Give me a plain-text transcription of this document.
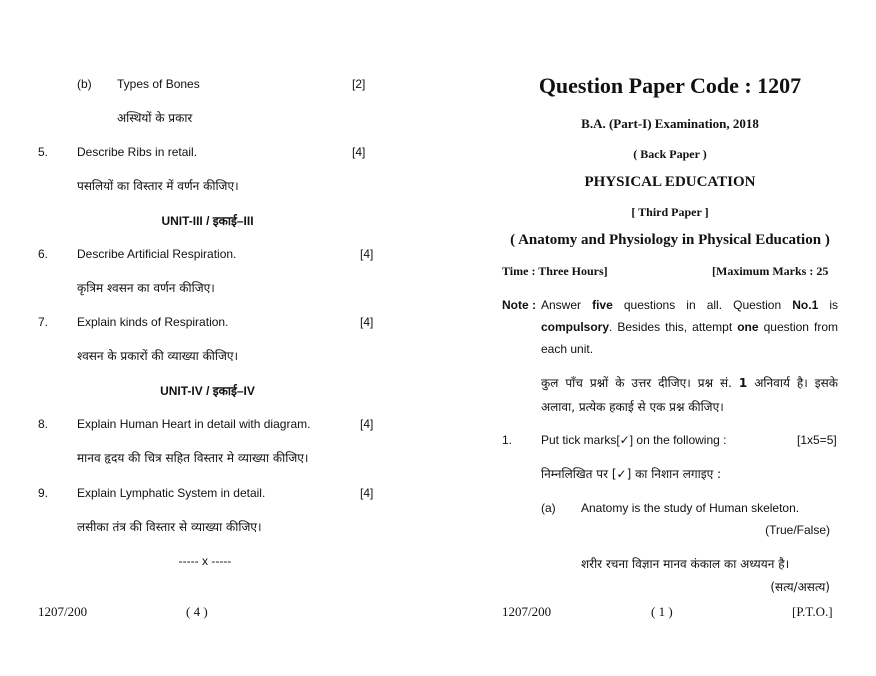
(b) Types of Bones	[2]
अस्थियों के प्रकार
5. Describe Ribs in retail.	[4]
पसलियों का विस्तार में वर्णन कीजिए।
UNIT-III / इकाई–III
6. Describe Artificial Respiration.	[4]
कृत्रिम श्वसन का वर्णन कीजिए।
7. Explain kinds of Respiration.	[4]
श्वसन के प्रकारों की व्याख्या कीजिए।
UNIT-IV / इकाई–IV
8. Explain Human Heart in detail with diagram.	[4]
मानव हृदय की चित्र सहित विस्तार मे व्याख्या कीजिए।
9. Explain Lymphatic System in detail.	[4]
लसीका तंत्र की विस्तार से व्याख्या कीजिए।
----- x -----
1207/200	( 4 )
Question Paper Code : 1207
B.A. (Part-I) Examination, 2018
( Back Paper )
PHYSICAL EDUCATION
[ Third Paper ]
( Anatomy and Physiology in Physical Education )
Time : Three Hours]	[Maximum Marks : 25
Note : Answer five questions in all. Question No.1 is
compulsory. Besides this, attempt one question from
each unit.
कुल पाँच प्रश्नों के उत्तर दीजिए। प्रश्न सं. 1 अनिवार्य है। इसके
अलावा, प्रत्येक हकाई से एक प्रश्न कीजिए।
1. Put tick marks[✓] on the following :	[1x5=5]
निम्नलिखित पर [✓] का निशान लगाइए :
(a) Anatomy is the study of Human skeleton.
(True/False)
शरीर रचना विज्ञान मानव कंकाल का अध्ययन है।
(सत्य/असत्य)
1207/200	( 1 )	[P.T.O.]
